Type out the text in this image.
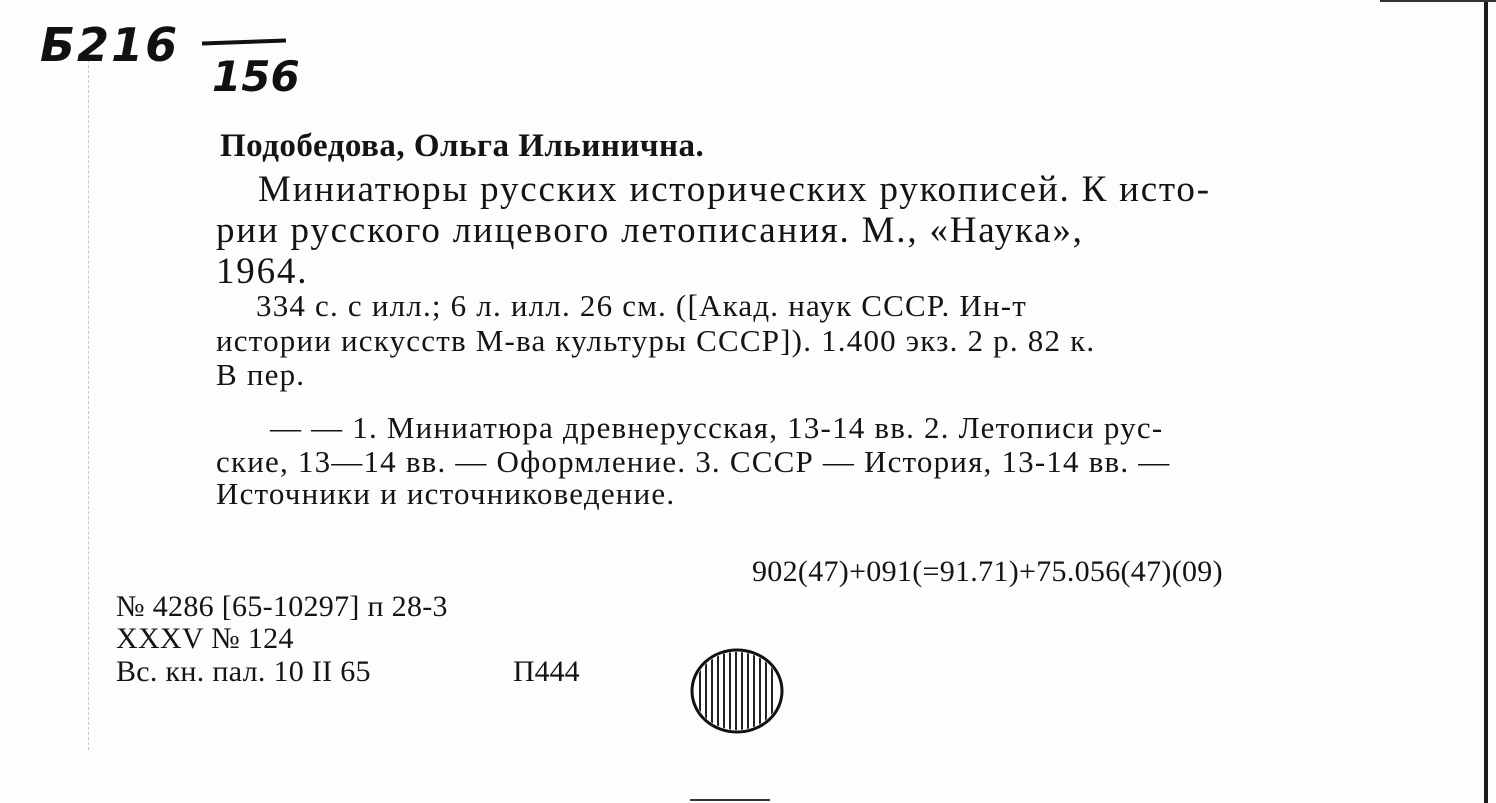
Б216
156

Подобедова, Ольга Ильинична.

Миниатюры русских исторических рукописей. К исто-

рии русского лицевого летописания. М., «Наука»,

1964.

334 с. с илл.; 6 л. илл. 26 см. ([Акад. наук СССР. Ин-т

истории искусств М-ва культуры СССР]). 1.400 экз. 2 р. 82 к.

В пер.

— — 1. Миниатюра древнерусская, 13-14 вв. 2. Летописи рус-

ские, 13—14 вв. — Оформление. 3. СССР — История, 13-14 вв. —

Источники и источниковедение.

902(47)+091(=91.71)+75.056(47)(09)

№ 4286 [65-10297] п 28-3

XXXV № 124

Вс. кн. пал. 10 II 65	П444
